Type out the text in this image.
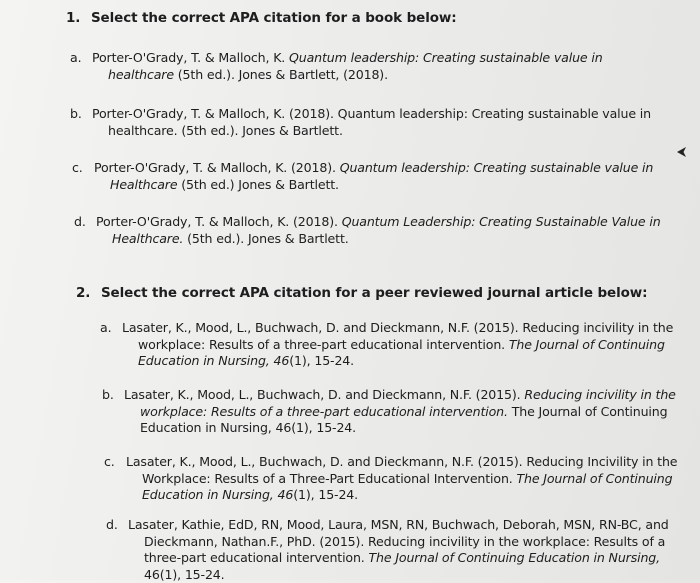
1. Select the correct APA citation for a book below:
a. Porter-O'Grady, T. & Malloch, K. Quantum leadership: Creating sustainable value in

healthcare (5th ed.). Jones & Bartlett, (2018).

b. Porter-O'Grady, T. & Malloch, K. (2018). Quantum leadership: Creating sustainable value in

healthcare. (5th ed.). Jones & Bartlett.

c. Porter-O'Grady, T. & Malloch, K. (2018). Quantum leadership: Creating sustainable value in

Healthcare (5th ed.) Jones & Bartlett.

d. Porter-O'Grady, T. & Malloch, K. (2018). Quantum Leadership: Creating Sustainable Value in

Healthcare. (5th ed.). Jones & Bartlett.

2. Select the correct APA citation for a peer reviewed journal article below:
a. Lasater, K., Mood, L., Buchwach, D. and Dieckmann, N.F. (2015). Reducing incivility in the

workplace: Results of a three-part educational intervention. The Journal of Continuing

Education in Nursing, 46(1), 15-24.

b. Lasater, K., Mood, L., Buchwach, D. and Dieckmann, N.F. (2015). Reducing incivility in the

workplace: Results of a three-part educational intervention. The Journal of Continuing

Education in Nursing, 46(1), 15-24.

c. Lasater, K., Mood, L., Buchwach, D. and Dieckmann, N.F. (2015). Reducing Incivility in the

Workplace: Results of a Three-Part Educational Intervention. The Journal of Continuing

Education in Nursing, 46(1), 15-24.

d. Lasater, Kathie, EdD, RN, Mood, Laura, MSN, RN, Buchwach, Deborah, MSN, RN-BC, and

Dieckmann, Nathan.F., PhD. (2015). Reducing incivility in the workplace: Results of a

three-part educational intervention. The Journal of Continuing Education in Nursing,

46(1), 15-24.
